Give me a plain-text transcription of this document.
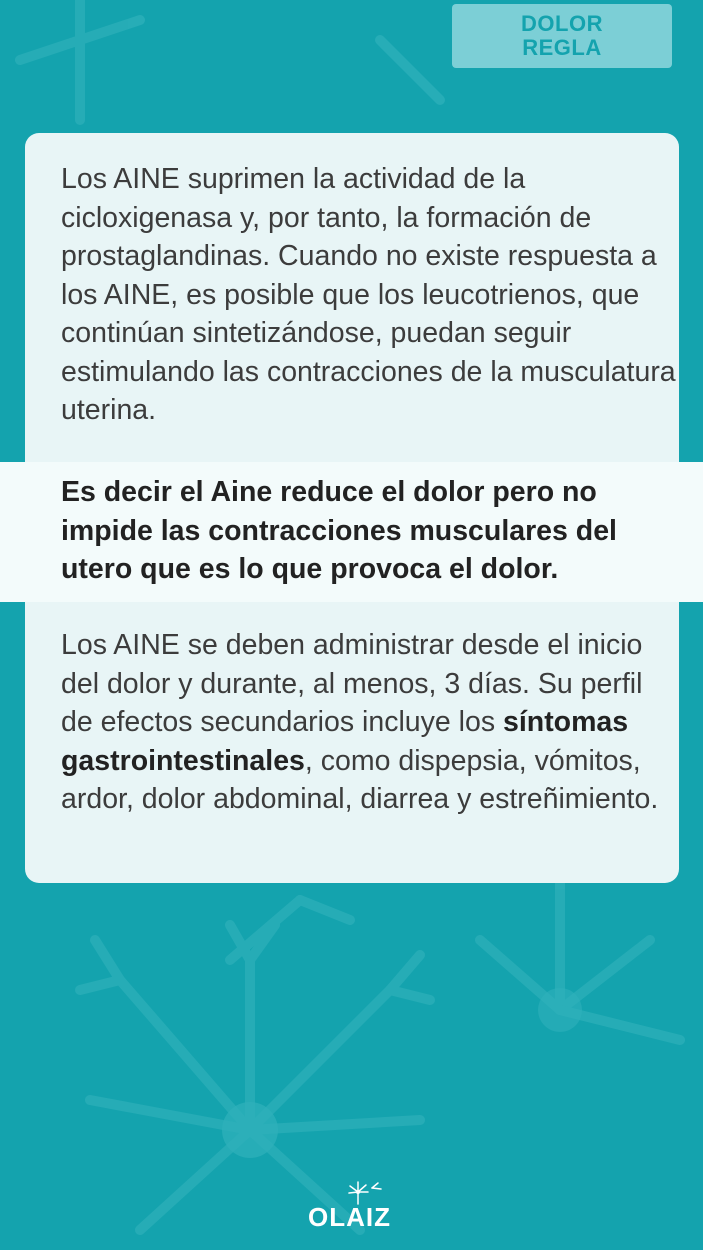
DOLOR
REGLA
Los AINE suprimen la actividad de la cicloxigenasa y, por tanto, la formación de prostaglandinas. Cuando no existe respuesta a los AINE, es posible que los leucotrienos, que continúan sintetizándose, puedan seguir estimulando las contracciones de la musculatura uterina.
Es decir el Aine reduce el dolor pero no impide las contracciones musculares del utero que es lo que provoca el dolor.
Los AINE se deben administrar desde el inicio del dolor y durante, al menos, 3 días. Su perfil de efectos secundarios incluye los síntomas gastrointestinales, como dispepsia, vómitos, ardor, dolor abdominal, diarrea y estreñimiento.
OLAIZ
